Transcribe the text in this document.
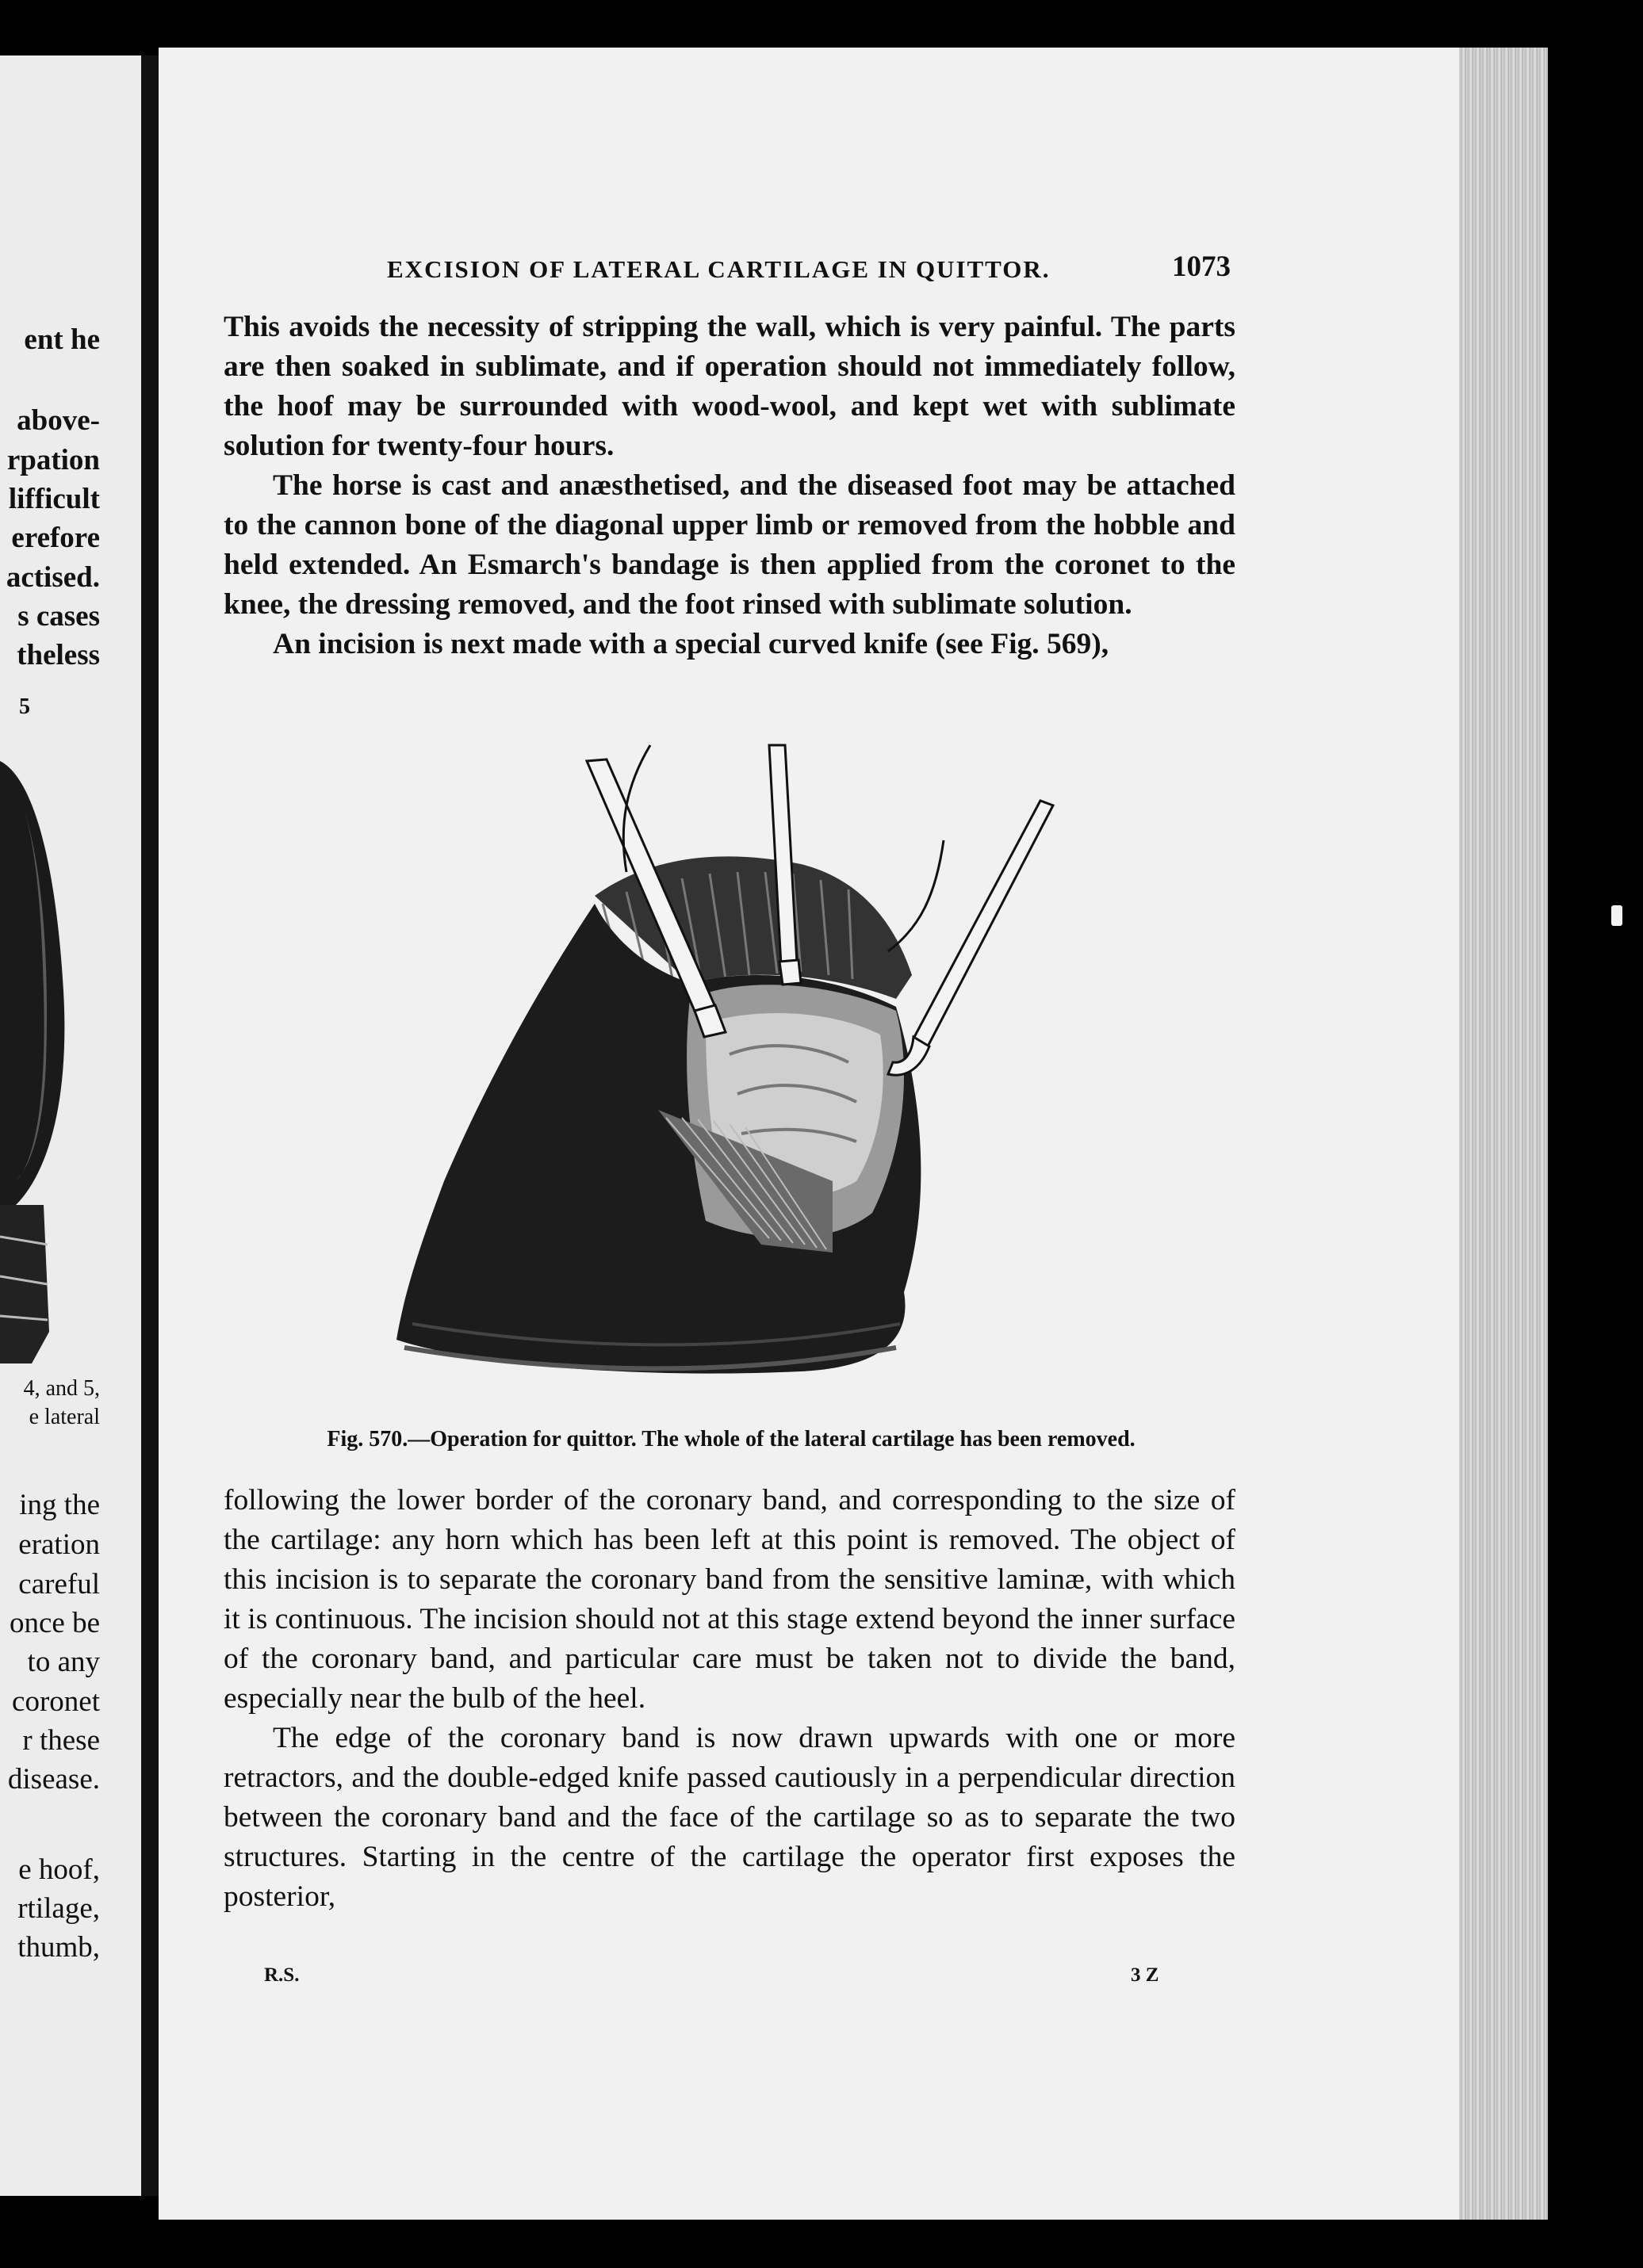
ent he
above-
rpation
lifficult
erefore
actised.
s cases
theless
5
4, and 5,
e lateral
ing the
eration
careful
once be
to any
coronet
r these
disease.
e hoof,
rtilage,
thumb,
EXCISION OF LATERAL CARTILAGE IN QUITTOR.	1073

This avoids the necessity of stripping the wall, which is very painful. The parts are then soaked in sublimate, and if operation should not immediately follow, the hoof may be surrounded with wood-wool, and kept wet with sublimate solution for twenty-four hours.

The horse is cast and anæsthetised, and the diseased foot may be attached to the cannon bone of the diagonal upper limb or removed from the hobble and held extended. An Esmarch's bandage is then applied from the coronet to the knee, the dressing removed, and the foot rinsed with sublimate solution.

An incision is next made with a special curved knife (see Fig. 569),

Fig. 570.—Operation for quittor. The whole of the lateral cartilage has been removed.

following the lower border of the coronary band, and corresponding to the size of the cartilage: any horn which has been left at this point is removed. The object of this incision is to separate the coronary band from the sensitive laminæ, with which it is continuous. The incision should not at this stage extend beyond the inner surface of the coronary band, and particular care must be taken not to divide the band, especially near the bulb of the heel.

The edge of the coronary band is now drawn upwards with one or more retractors, and the double-edged knife passed cautiously in a perpendicular direction between the coronary band and the face of the cartilage so as to separate the two structures. Starting in the centre of the cartilage the operator first exposes the posterior,

R.S.	3 Z
